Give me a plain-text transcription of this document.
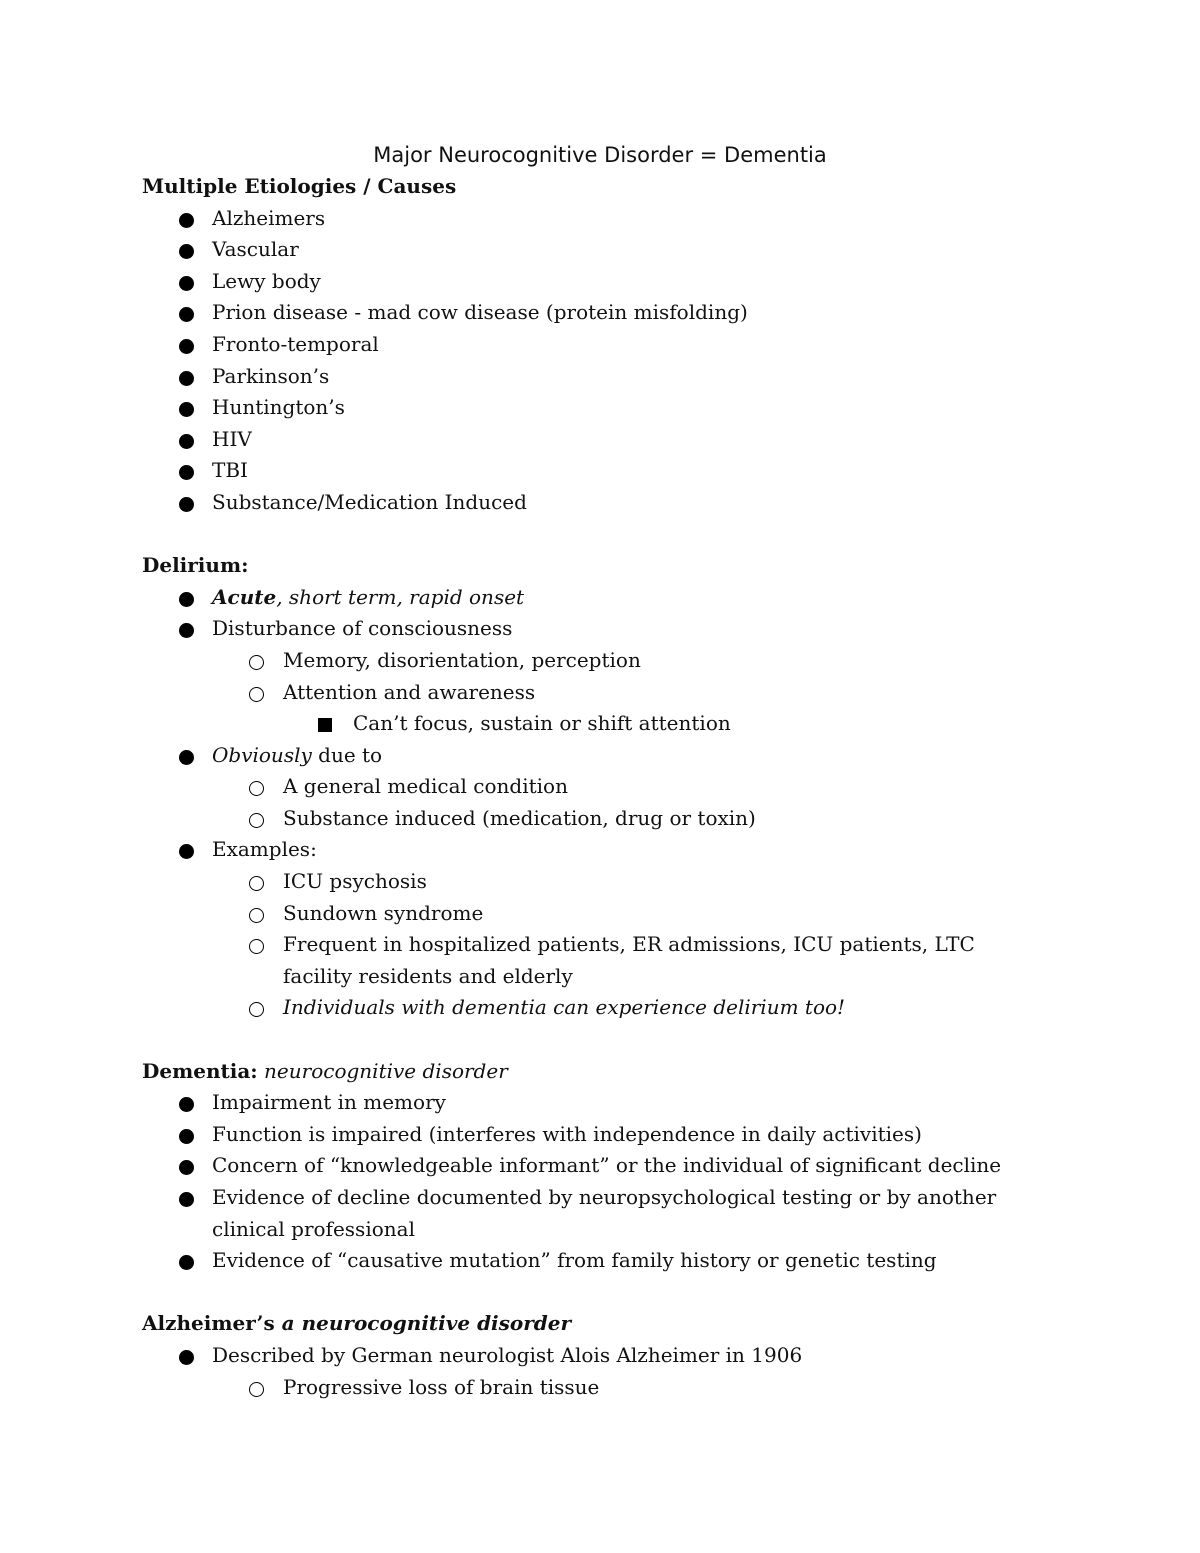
Major Neurocognitive Disorder = Dementia
Multiple Etiologies / Causes
Alzheimers
Vascular
Lewy body
Prion disease - mad cow disease (protein misfolding)
Fronto-temporal
Parkinson’s
Huntington’s
HIV
TBI
Substance/Medication Induced
Delirium:
Acute, short term, rapid onset
Disturbance of consciousness
Memory, disorientation, perception
Attention and awareness
Can’t focus, sustain or shift attention
Obviously due to
A general medical condition
Substance induced (medication, drug or toxin)
Examples:
ICU psychosis
Sundown syndrome
Frequent in hospitalized patients, ER admissions, ICU patients, LTC facility residents and elderly
Individuals with dementia can experience delirium too!
Dementia: neurocognitive disorder
Impairment in memory
Function is impaired (interferes with independence in daily activities)
Concern of “knowledgeable informant” or the individual of significant decline
Evidence of decline documented by neuropsychological testing or by another clinical professional
Evidence of “causative mutation” from family history or genetic testing
Alzheimer’s a neurocognitive disorder
Described by German neurologist Alois Alzheimer in 1906
Progressive loss of brain tissue
